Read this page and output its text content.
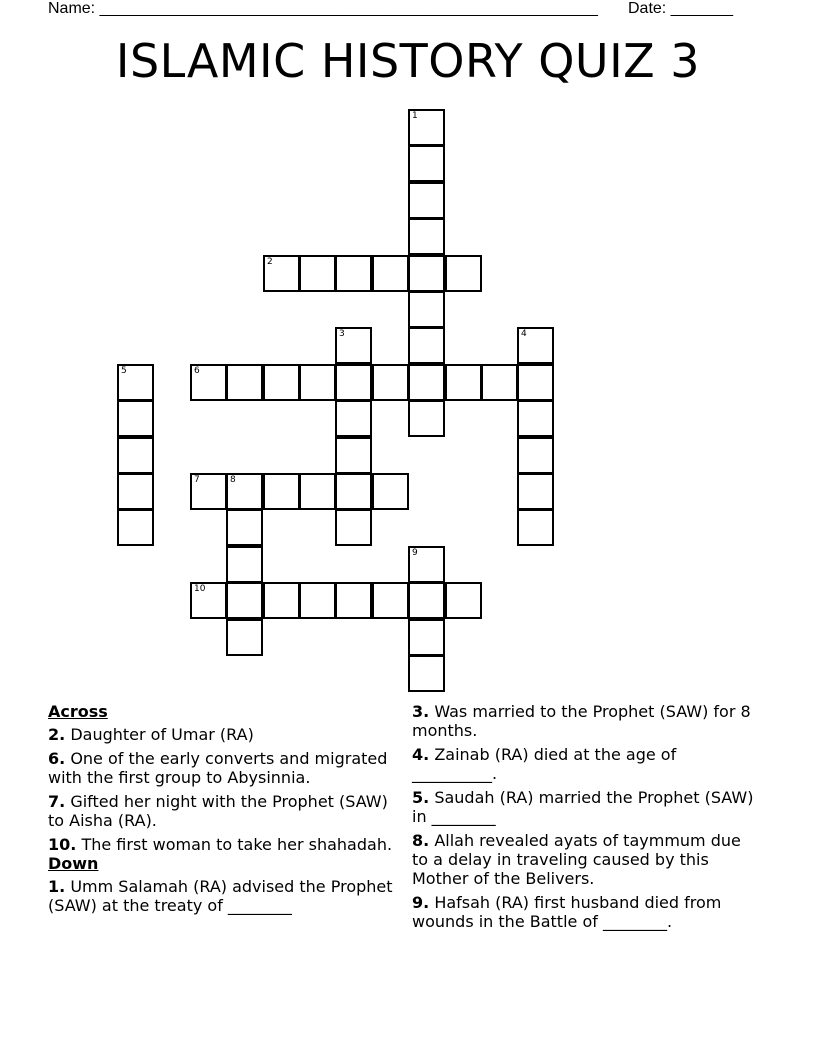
Name: ________________________________________________________ Date: _______
ISLAMIC HISTORY QUIZ 3
1
2
3	4
5	6
7	8
9
10
Across
2. Daughter of Umar (RA)
6. One of the early converts and migrated with the first group to Abysinnia.
7. Gifted her night with the Prophet (SAW) to Aisha (RA).
10. The first woman to take her shahadah.
Down
1. Umm Salamah (RA) advised the Prophet (SAW) at the treaty of ________
3. Was married to the Prophet (SAW) for 8 months.
4. Zainab (RA) died at the age of __________.
5. Saudah (RA) married the Prophet (SAW) in ________
8. Allah revealed ayats of taymmum due to a delay in traveling caused by this Mother of the Belivers.
9. Hafsah (RA) first husband died from wounds in the Battle of ________.
